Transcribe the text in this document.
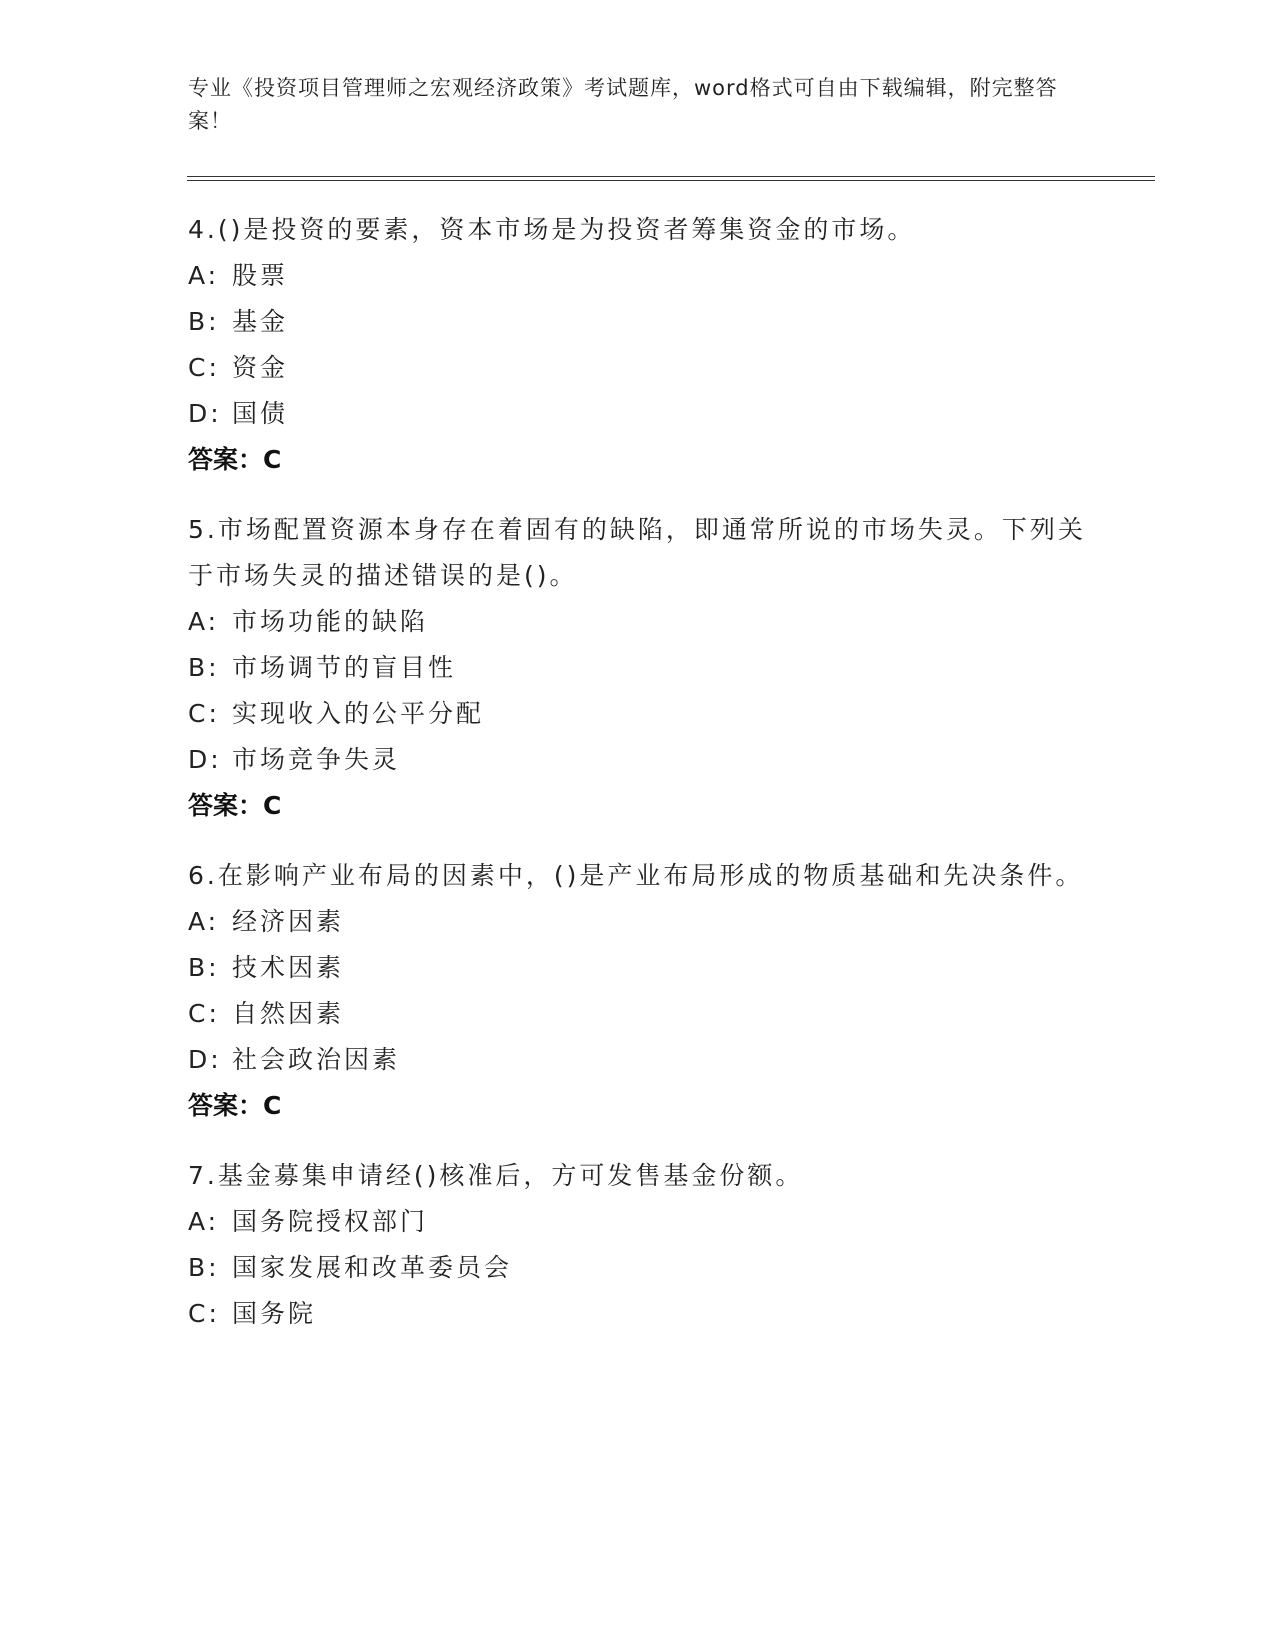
专业《投资项目管理师之宏观经济政策》考试题库，word格式可自由下载编辑，附完整答案！
4.()是投资的要素，资本市场是为投资者筹集资金的市场。
A: 股票
B: 基金
C: 资金
D: 国债
答案：C
5.市场配置资源本身存在着固有的缺陷，即通常所说的市场失灵。下列关于市场失灵的描述错误的是()。
A: 市场功能的缺陷
B: 市场调节的盲目性
C: 实现收入的公平分配
D: 市场竞争失灵
答案：C
6.在影响产业布局的因素中，()是产业布局形成的物质基础和先决条件。
A: 经济因素
B: 技术因素
C: 自然因素
D: 社会政治因素
答案：C
7.基金募集申请经()核准后，方可发售基金份额。
A: 国务院授权部门
B: 国家发展和改革委员会
C: 国务院
